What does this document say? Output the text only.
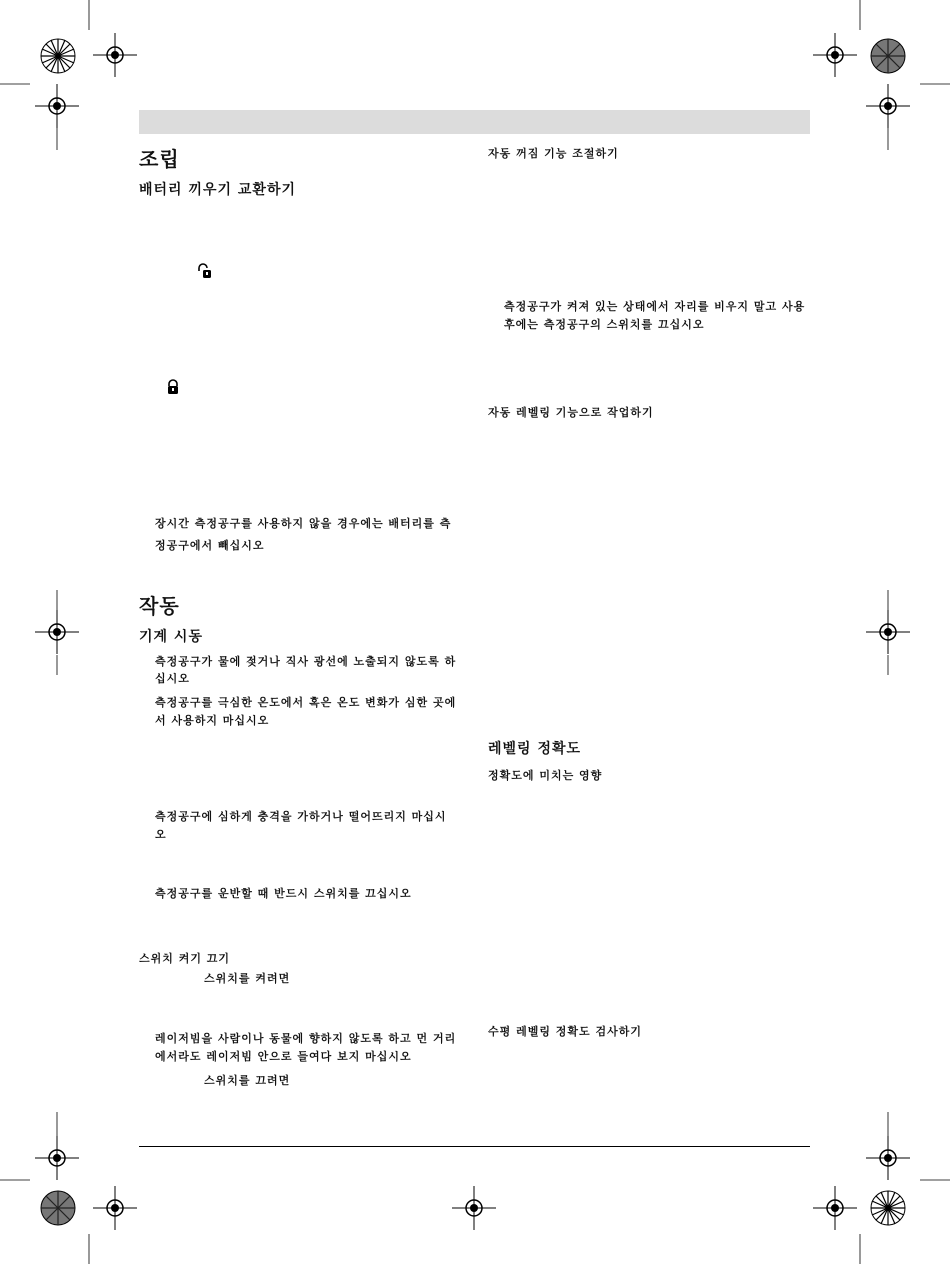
조립
배터리 끼우기 교환하기
장시간 측정공구를 사용하지 않을 경우에는 배터리를 측
정공구에서 빼십시오
작동
기계 시동
측정공구가 물에 젖거나 직사 광선에 노출되지 않도록 하
십시오
측정공구를 극심한 온도에서 혹은 온도 변화가 심한 곳에
서 사용하지 마십시오
측정공구에 심하게 충격을 가하거나 떨어뜨리지 마십시
오
측정공구를 운반할 때 반드시 스위치를 끄십시오
스위치 켜기 끄기
스위치를 켜려면
레이저빔을 사람이나 동물에 향하지 않도록 하고 먼 거리
에서라도 레이저빔 안으로 들여다 보지 마십시오
스위치를 끄려면
자동 꺼짐 기능 조절하기
측정공구가 켜져 있는 상태에서 자리를 비우지 말고 사용
후에는 측정공구의 스위치를 끄십시오
자동 레벨링 기능으로 작업하기
레벨링 정확도
정확도에 미치는 영향
수평 레벨링 정확도 검사하기
